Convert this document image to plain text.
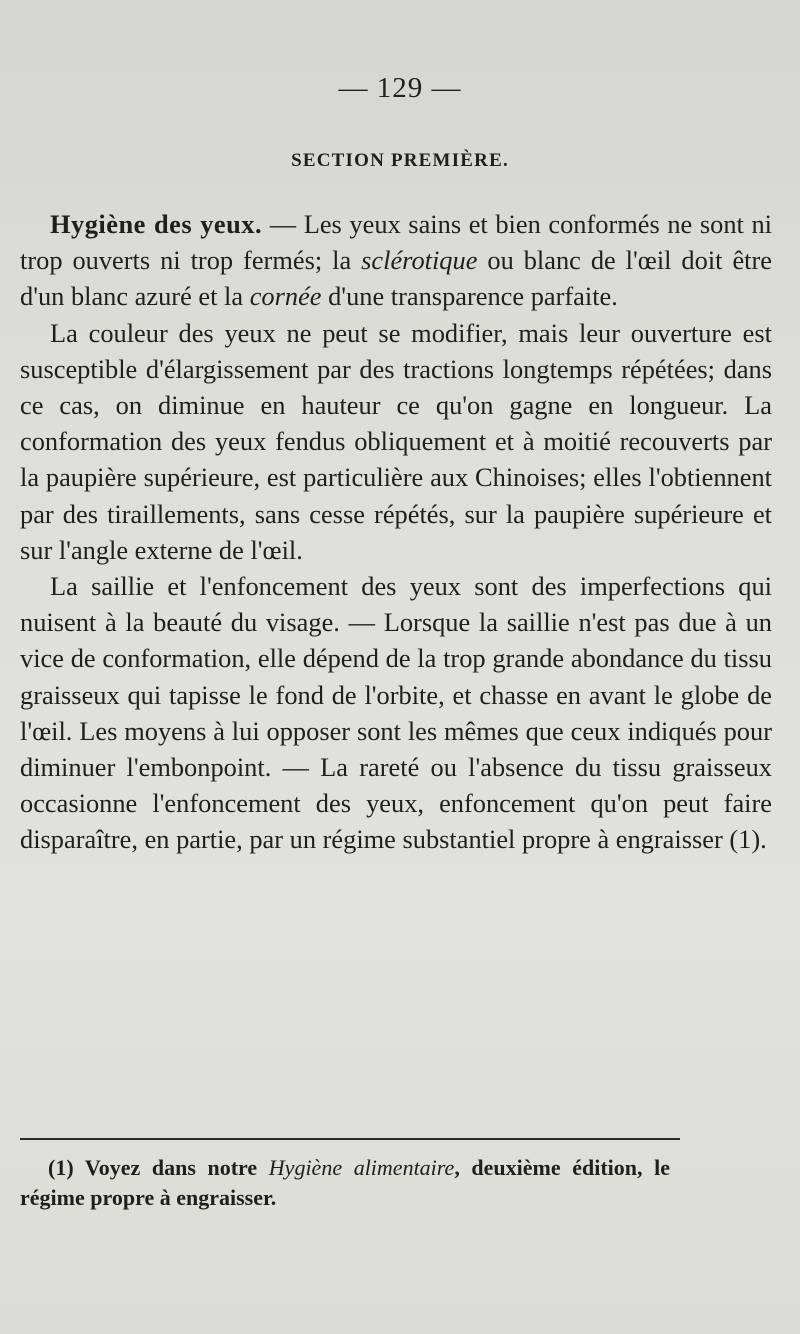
— 129 —
SECTION PREMIÈRE.

Hygiène des yeux. — Les yeux sains et bien conformés ne sont ni trop ouverts ni trop fermés; la sclérotique ou blanc de l'œil doit être d'un blanc azuré et la cornée d'une transparence parfaite.

La couleur des yeux ne peut se modifier, mais leur ouverture est susceptible d'élargissement par des tractions longtemps répétées; dans ce cas, on diminue en hauteur ce qu'on gagne en longueur. La conformation des yeux fendus obliquement et à moitié recouverts par la paupière supérieure, est particulière aux Chinoises; elles l'obtiennent par des tiraillements, sans cesse répétés, sur la paupière supérieure et sur l'angle externe de l'œil.

La saillie et l'enfoncement des yeux sont des imperfections qui nuisent à la beauté du visage. — Lorsque la saillie n'est pas due à un vice de conformation, elle dépend de la trop grande abondance du tissu graisseux qui tapisse le fond de l'orbite, et chasse en avant le globe de l'œil. Les moyens à lui opposer sont les mêmes que ceux indiqués pour diminuer l'embonpoint. — La rareté ou l'absence du tissu graisseux occasionne l'enfoncement des yeux, enfoncement qu'on peut faire disparaître, en partie, par un régime substantiel propre à engraisser (1).

(1) Voyez dans notre Hygiène alimentaire, deuxième édition, le régime propre à engraisser.
